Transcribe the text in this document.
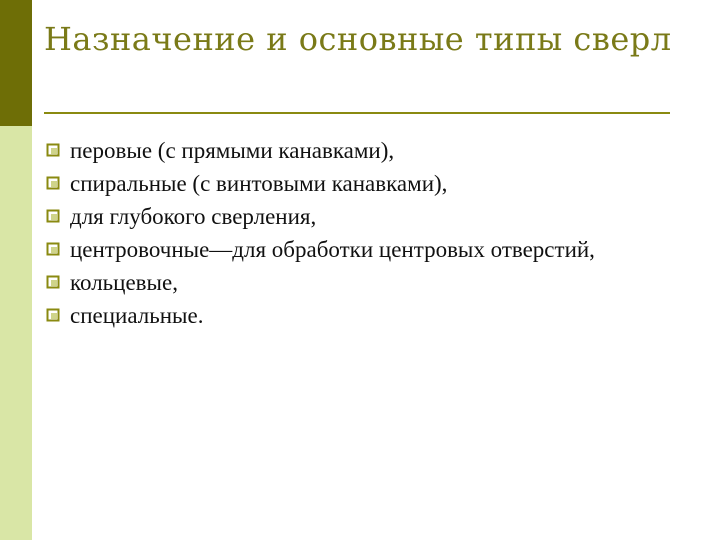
Назначение и основные типы сверл
перовые (с прямыми канавками),
спиральные (с винтовыми канавками),
для глубокого сверления,
центровочные—для обработки центровых отверстий,
кольцевые,
специальные.
